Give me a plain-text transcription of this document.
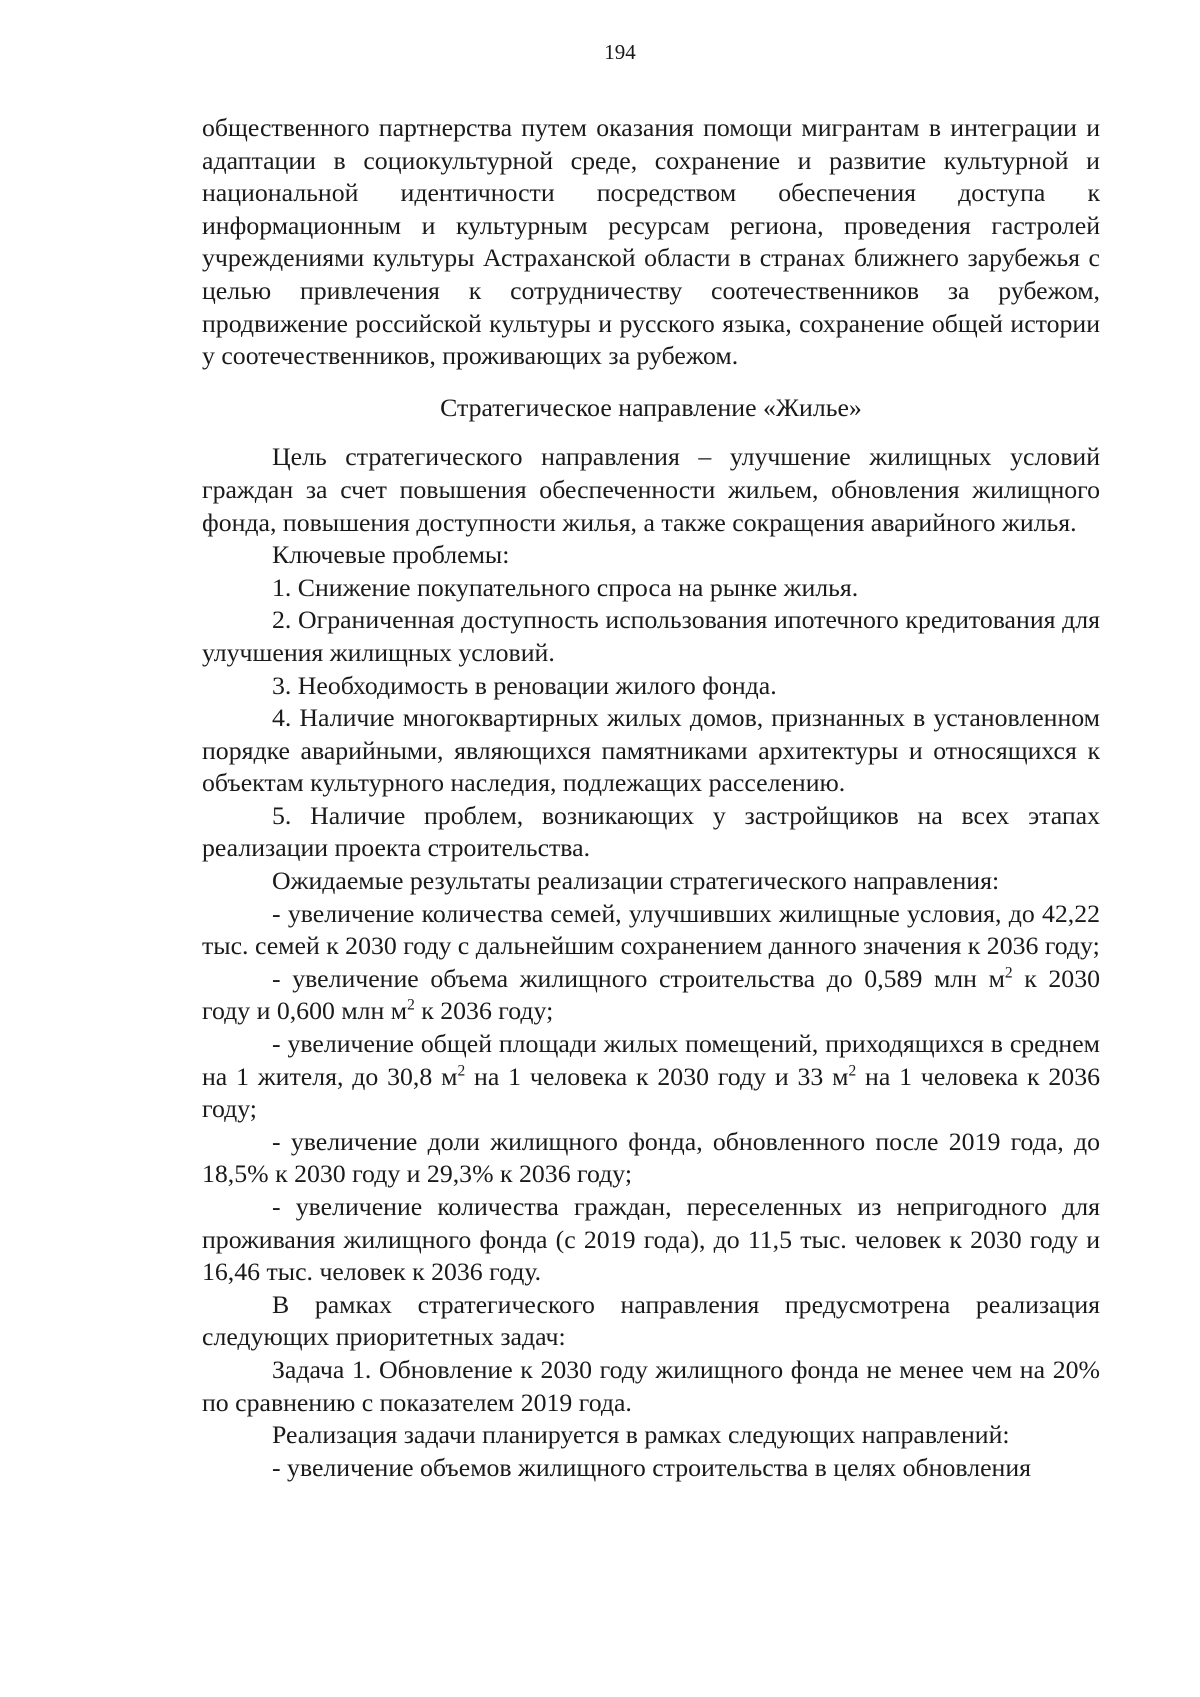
194

общественного партнерства путем оказания помощи мигрантам в интеграции и адаптации в социокультурной среде, сохранение и развитие культурной и национальной идентичности посредством обеспечения доступа к информационным и культурным ресурсам региона, проведения гастролей учреждениями культуры Астраханской области в странах ближнего зарубежья с целью привлечения к сотрудничеству соотечественников за рубежом, продвижение российской культуры и русского языка, сохранение общей истории у соотечественников, проживающих за рубежом.

Стратегическое направление «Жилье»

Цель стратегического направления – улучшение жилищных условий граждан за счет повышения обеспеченности жильем, обновления жилищного фонда, повышения доступности жилья, а также сокращения аварийного жилья.

Ключевые проблемы:

1. Снижение покупательного спроса на рынке жилья.

2. Ограниченная доступность использования ипотечного кредитования для улучшения жилищных условий.

3. Необходимость в реновации жилого фонда.

4. Наличие многоквартирных жилых домов, признанных в установленном порядке аварийными, являющихся памятниками архитектуры и относящихся к объектам культурного наследия, подлежащих расселению.

5. Наличие проблем, возникающих у застройщиков на всех этапах реализации проекта строительства.

Ожидаемые результаты реализации стратегического направления:

- увеличение количества семей, улучшивших жилищные условия, до 42,22 тыс. семей к 2030 году с дальнейшим сохранением данного значения к 2036 году;

- увеличение объема жилищного строительства до 0,589 млн $м^2$ к 2030 году и 0,600 млн $м^2$ к 2036 году;

- увеличение общей площади жилых помещений, приходящихся в среднем на 1 жителя, до 30,8 $м^2$ на 1 человека к 2030 году и 33 $м^2$ на 1 человека к 2036 году;

- увеличение доли жилищного фонда, обновленного после 2019 года, до 18,5% к 2030 году и 29,3% к 2036 году;

- увеличение количества граждан, переселенных из непригодного для проживания жилищного фонда (с 2019 года), до 11,5 тыс. человек к 2030 году и 16,46 тыс. человек к 2036 году.

В рамках стратегического направления предусмотрена реализация следующих приоритетных задач:

Задача 1. Обновление к 2030 году жилищного фонда не менее чем на 20% по сравнению с показателем 2019 года.

Реализация задачи планируется в рамках следующих направлений:

- увеличение объемов жилищного строительства в целях обновления
